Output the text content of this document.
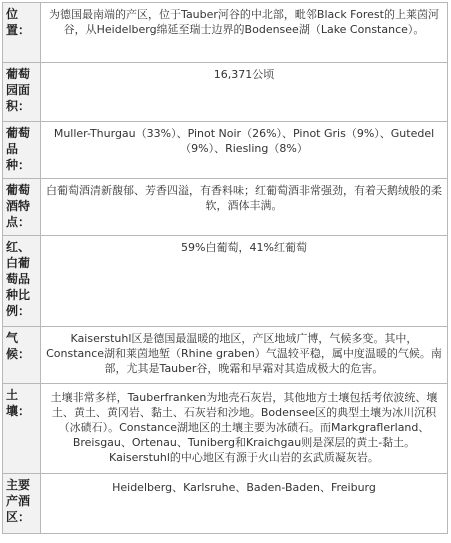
位置：	为德国最南端的产区，位于Tauber河谷的中北部，毗邻Black Forest的上莱茵河谷，从Heidelberg绵延至瑞士边界的Bodensee湖（Lake Constance）。
葡萄园面积：	16,371公顷
葡萄品种：	Muller-Thurgau（33%）、Pinot Noir（26%）、Pinot Gris（9%）、Gutedel（9%）、Riesling（8%）
葡萄酒特点：	白葡萄酒清新馥郁、芳香四溢，有香料味；红葡萄酒非常强劲，有着天鹅绒般的柔软，酒体丰满。
红、白葡萄品种比例：	59%白葡萄，41%红葡萄
气候：	Kaiserstuhl区是德国最温暖的地区，产区地域广博，气候多变。其中，Constance湖和莱茵地堑（Rhine graben）气温较平稳，属中度温暖的气候。南部，尤其是Tauber谷，晚霜和早霜对其造成极大的危害。
土壤：	土壤非常多样，Tauberfranken为地壳石灰岩，其他地方土壤包括考依波统、壤土、黄土、黄冈岩、黏土、石灰岩和沙地。Bodensee区的典型土壤为冰川沉积（冰碛石）。Constance湖地区的土壤主要为冰碛石。而Markgraflerland、Breisgau、Ortenau、Tuniberg和Kraichgau则是深层的黄土-黏土。Kaiserstuhl的中心地区有源于火山岩的玄武质凝灰岩。
主要产酒区：	Heidelberg、Karlsruhe、Baden-Baden、Freiburg
